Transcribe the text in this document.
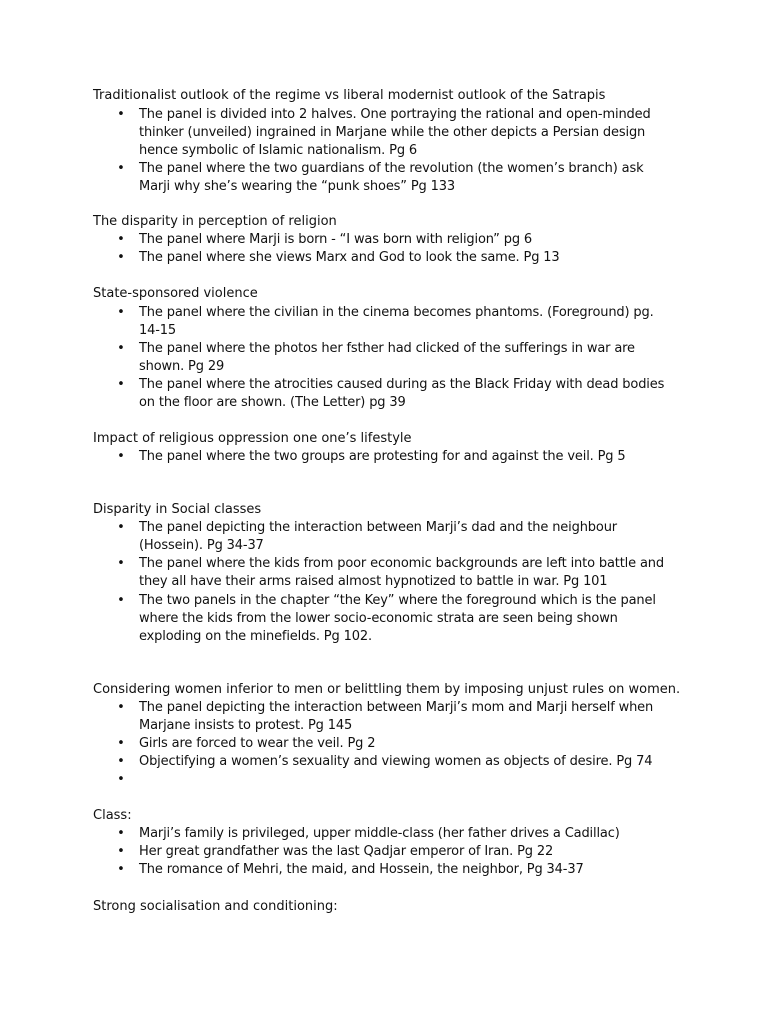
Traditionalist outlook of the regime vs liberal modernist outlook of the Satrapis
• The panel is divided into 2 halves. One portraying the rational and open-minded thinker (unveiled) ingrained in Marjane while the other depicts a Persian design hence symbolic of Islamic nationalism. Pg 6
• The panel where the two guardians of the revolution (the women’s branch) ask Marji why she’s wearing the “punk shoes” Pg 133
The disparity in perception of religion
• The panel where Marji is born - “I was born with religion” pg 6
• The panel where she views Marx and God to look the same. Pg 13
State-sponsored violence
• The panel where the civilian in the cinema becomes phantoms. (Foreground) pg. 14-15
• The panel where the photos her fsther had clicked of the sufferings in war are shown. Pg 29
• The panel where the atrocities caused during as the Black Friday with dead bodies on the floor are shown. (The Letter) pg 39
Impact of religious oppression one one’s lifestyle
• The panel where the two groups are protesting for and against the veil. Pg 5
Disparity in Social classes
• The panel depicting the interaction between Marji’s dad and the neighbour (Hossein). Pg 34-37
• The panel where the kids from poor economic backgrounds are left into battle and they all have their arms raised almost hypnotized to battle in war. Pg 101
• The two panels in the chapter “the Key” where the foreground which is the panel where the kids from the lower socio-economic strata are seen being shown exploding on the minefields. Pg 102.
Considering women inferior to men or belittling them by imposing unjust rules on women.
• The panel depicting the interaction between Marji’s mom and Marji herself when Marjane insists to protest. Pg 145
• Girls are forced to wear the veil. Pg 2
• Objectifying a women’s sexuality and viewing women as objects of desire. Pg 74
•
Class:
• Marji’s family is privileged, upper middle-class (her father drives a Cadillac)
• Her great grandfather was the last Qadjar emperor of Iran. Pg 22
• The romance of Mehri, the maid, and Hossein, the neighbor, Pg 34-37
Strong socialisation and conditioning:
